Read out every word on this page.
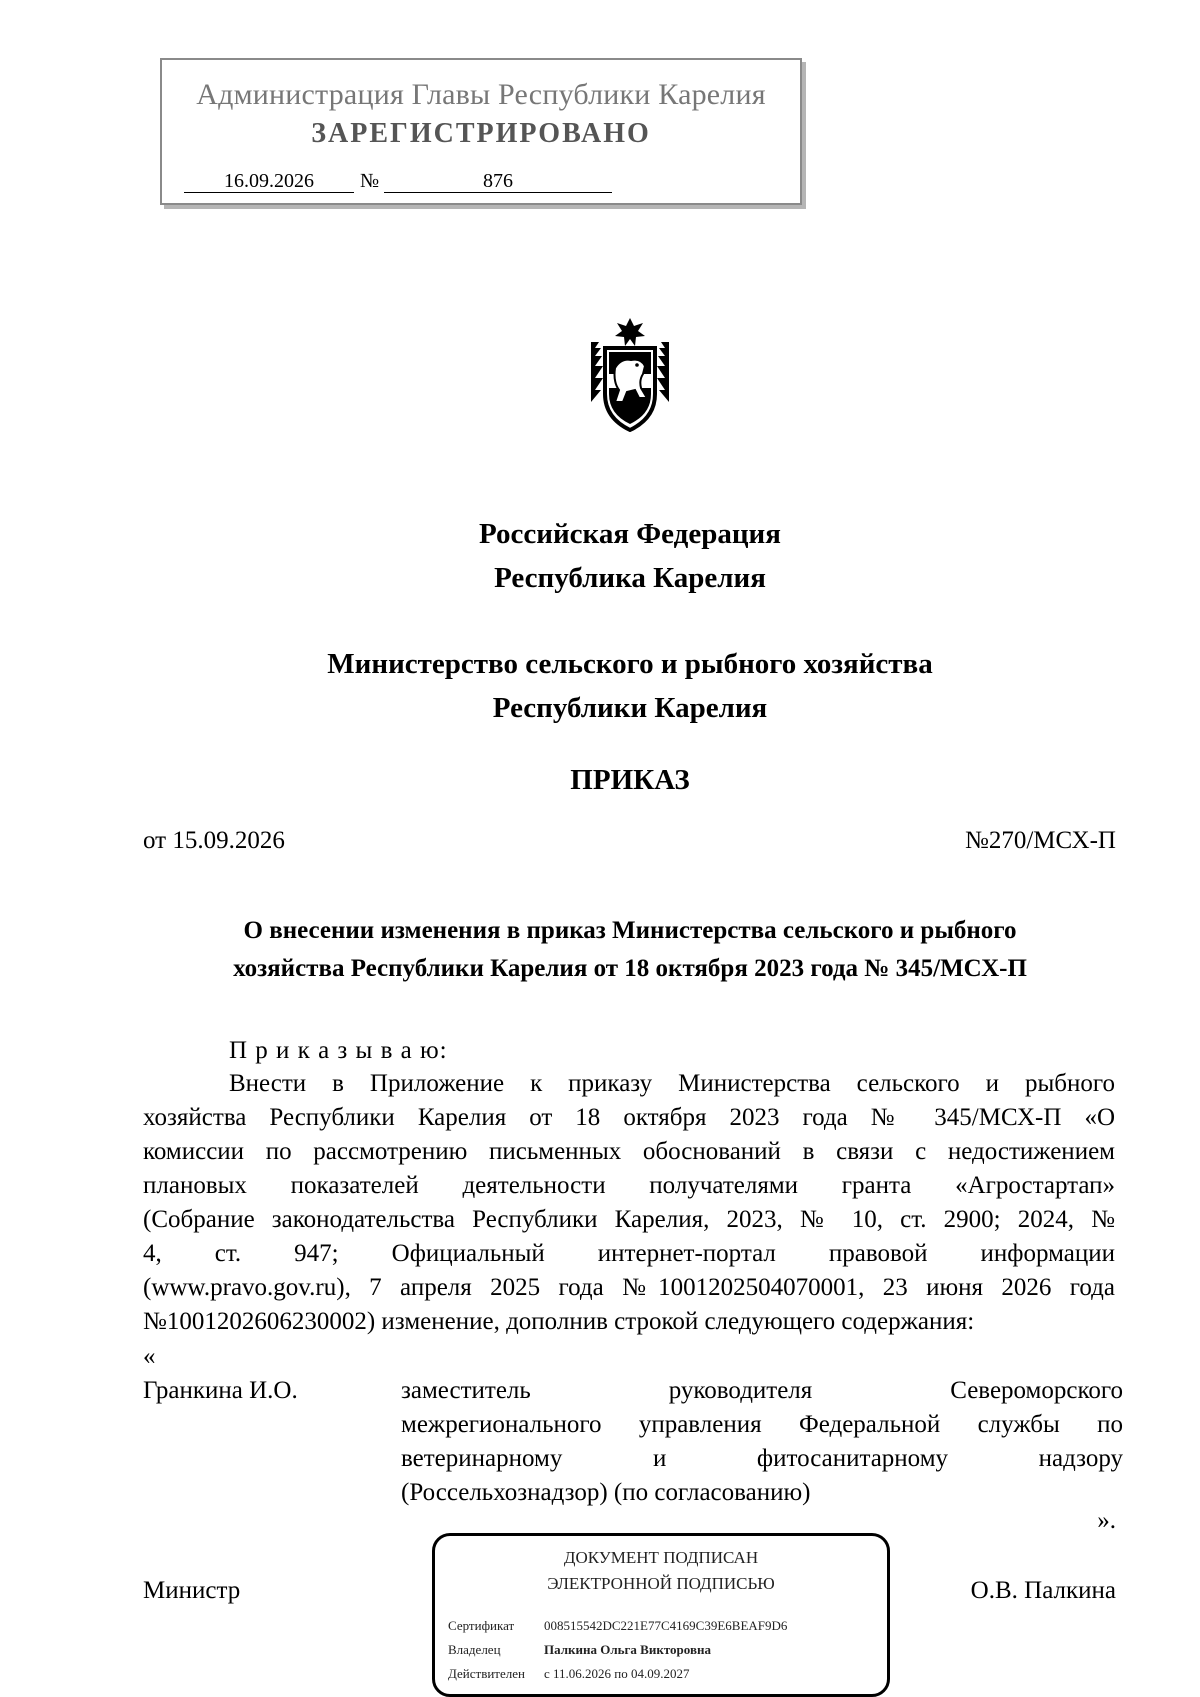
Администрация Главы Республики Карелия
ЗАРЕГИСТРИРОВАНО
16.09.2026	№	876
Российская Федерация
Республика Карелия
Министерство сельского и рыбного хозяйства
Республики Карелия
ПРИКАЗ
от 15.09.2026	№270/МСХ-П
О внесении изменения в приказ Министерства сельского и рыбного
хозяйства Республики Карелия от 18 октября 2023 года № 345/МСХ-П
П р и к а з ы в а ю:
Внести в Приложение к приказу Министерства сельского и рыбного
хозяйства Республики Карелия от 18 октября 2023 года № 345/МСХ-П «О
комиссии по рассмотрению письменных обоснований в связи с недостижением
плановых показателей деятельности получателями гранта «Агростартап»
(Собрание законодательства Республики Карелия, 2023, № 10, ст. 2900; 2024, №
4, ст. 947; Официальный интернет-портал правовой информации
(www.pravo.gov.ru), 7 апреля 2025 года №1001202504070001, 23 июня 2026 года
№1001202606230002) изменение, дополнив строкой следующего содержания:
«
Гранкина И.О.	заместитель руководителя Североморского
межрегионального управления Федеральной службы по
ветеринарному и фитосанитарному надзору
(Россельхознадзор) (по согласованию)
».
Министр	О.В. Палкина
ДОКУМЕНТ ПОДПИСАН
ЭЛЕКТРОННОЙ ПОДПИСЬЮ
Сертификат 008515542DC221E77C4169C39E6BEAF9D6
Владелец	Палкина Ольга Викторовна
Действителен с 11.06.2026 по 04.09.2027
